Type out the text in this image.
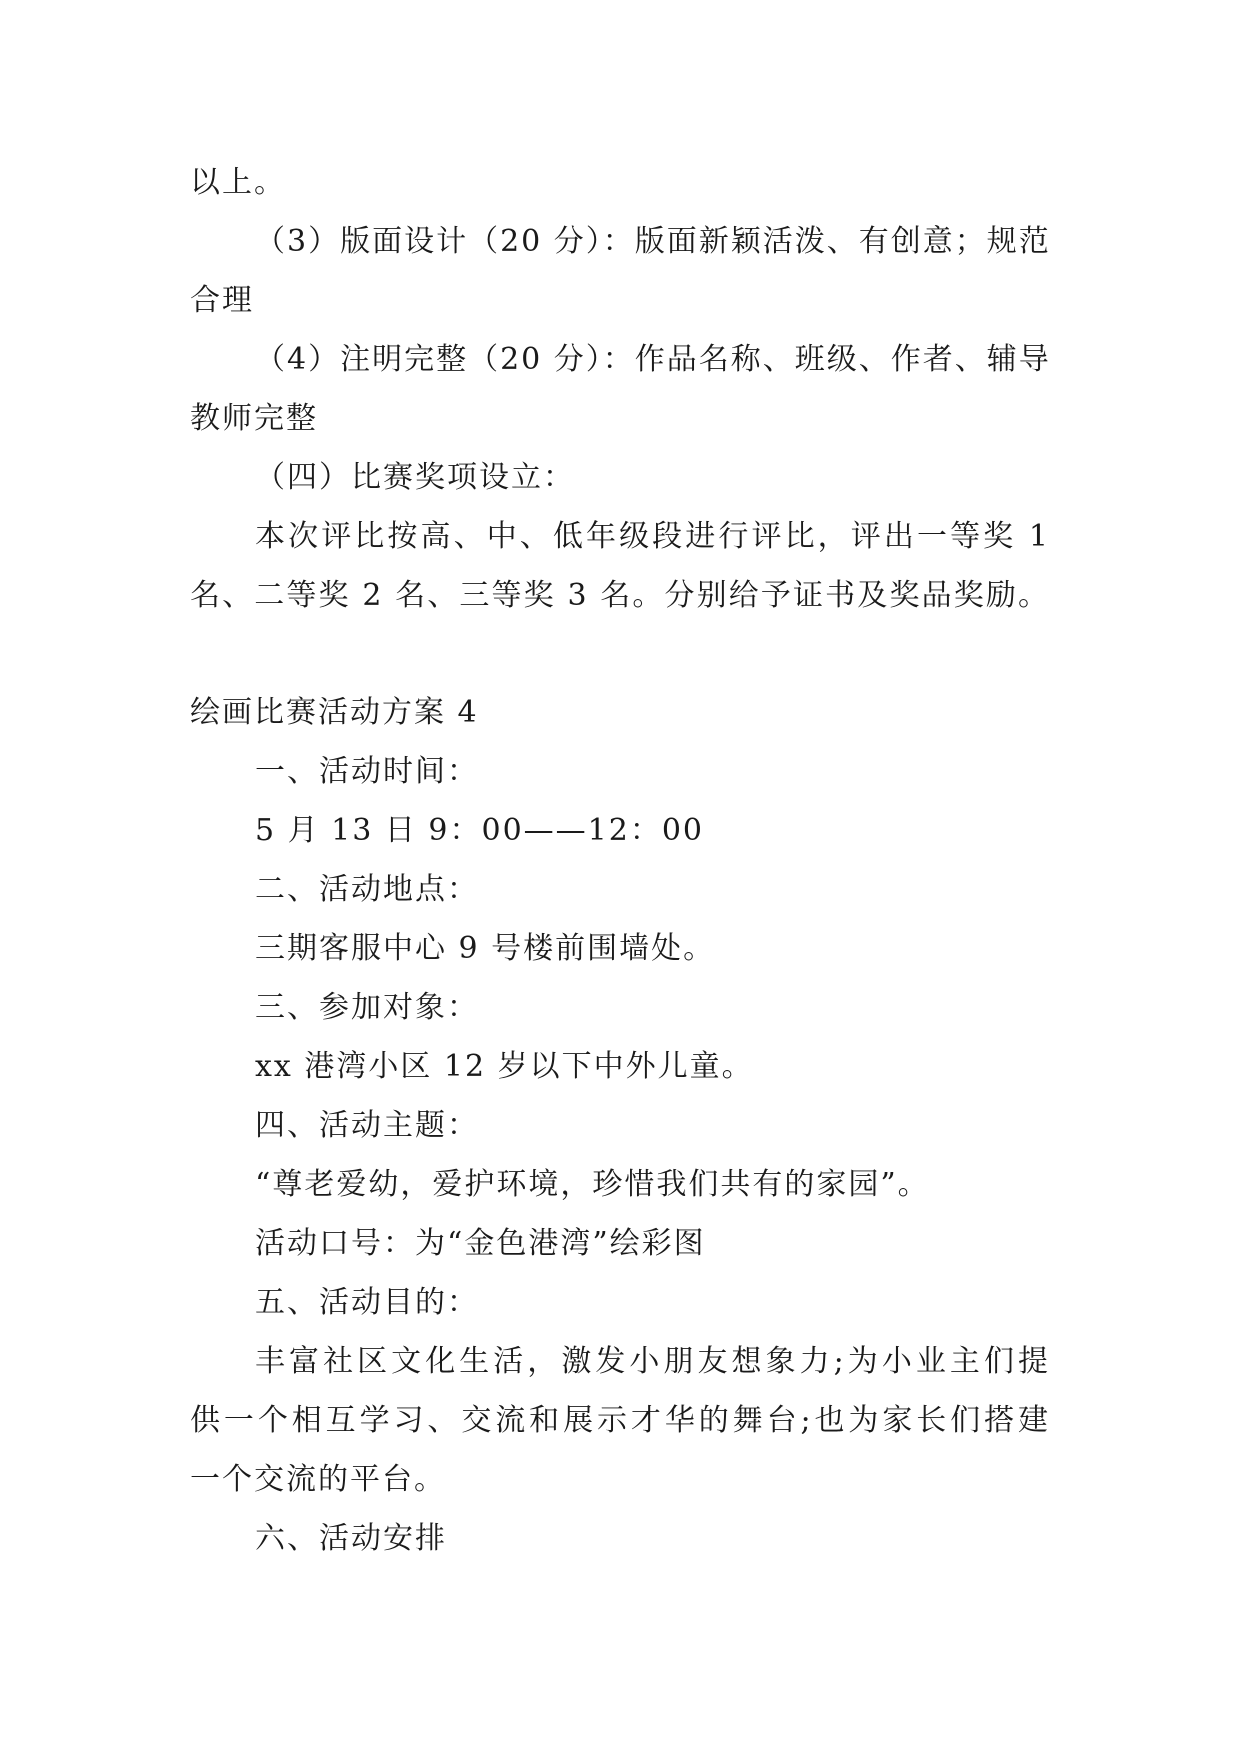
以上。
（3）版面设计（20 分）：版面新颖活泼、有创意；规范
合理
（4）注明完整（20 分）：作品名称、班级、作者、辅导
教师完整
（四）比赛奖项设立：
本次评比按高、中、低年级段进行评比，评出一等奖 1
名、二等奖 2 名、三等奖 3 名。分别给予证书及奖品奖励。
绘画比赛活动方案 4
一、活动时间：
5 月 13 日 9：00——12：00
二、活动地点：
三期客服中心 9 号楼前围墙处。
三、参加对象：
xx 港湾小区 12 岁以下中外儿童。
四、活动主题：
“尊老爱幼，爱护环境，珍惜我们共有的家园”。
活动口号：为“金色港湾”绘彩图
五、活动目的：
丰富社区文化生活，激发小朋友想象力;为小业主们提
供一个相互学习、交流和展示才华的舞台;也为家长们搭建
一个交流的平台。
六、活动安排
